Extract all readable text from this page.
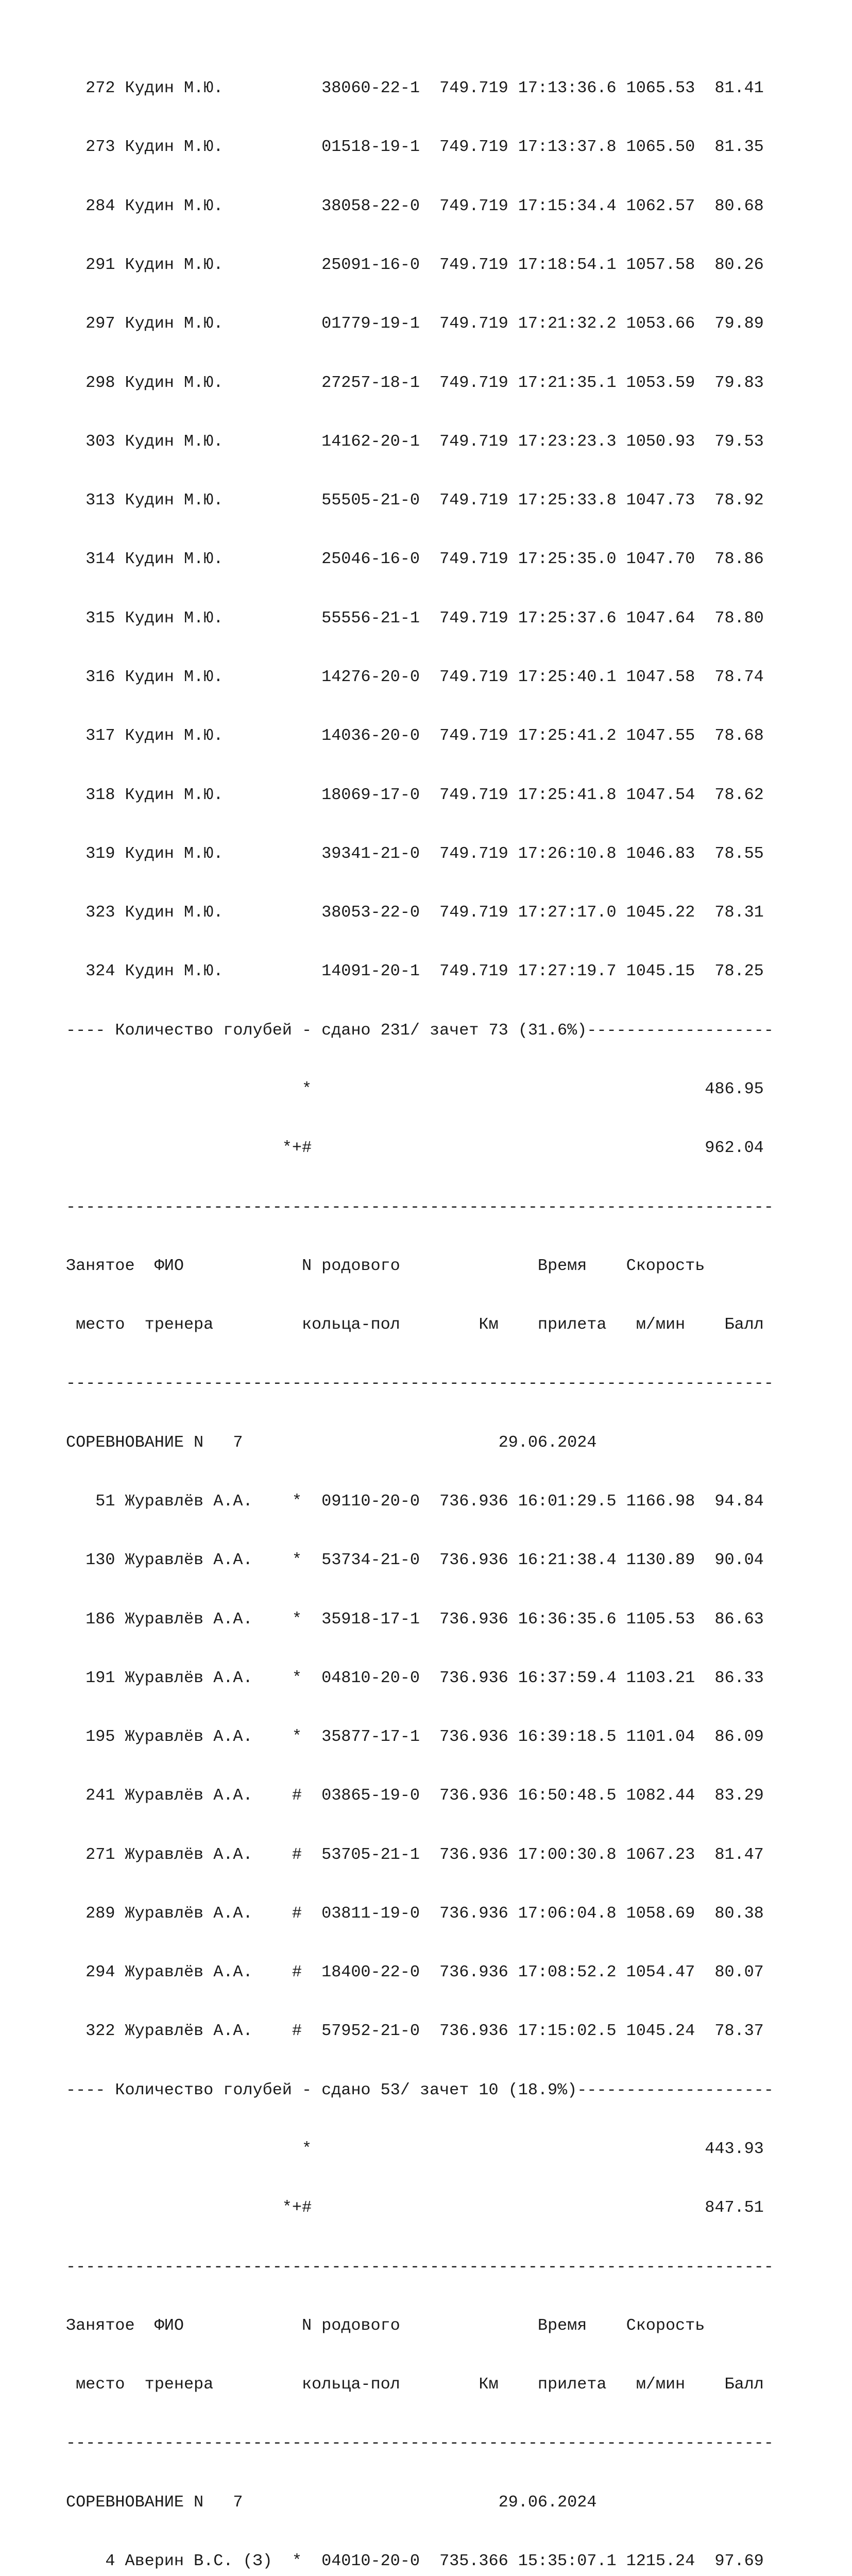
272 Кудин М.Ю.          38060-22-1  749.719 17:13:36.6 1065.53  81.41

273 Кудин М.Ю.          01518-19-1  749.719 17:13:37.8 1065.50  81.35

284 Кудин М.Ю.          38058-22-0  749.719 17:15:34.4 1062.57  80.68

291 Кудин М.Ю.          25091-16-0  749.719 17:18:54.1 1057.58  80.26

297 Кудин М.Ю.          01779-19-1  749.719 17:21:32.2 1053.66  79.89

298 Кудин М.Ю.          27257-18-1  749.719 17:21:35.1 1053.59  79.83

303 Кудин М.Ю.          14162-20-1  749.719 17:23:23.3 1050.93  79.53

313 Кудин М.Ю.          55505-21-0  749.719 17:25:33.8 1047.73  78.92

314 Кудин М.Ю.          25046-16-0  749.719 17:25:35.0 1047.70  78.86

315 Кудин М.Ю.          55556-21-1  749.719 17:25:37.6 1047.64  78.80

316 Кудин М.Ю.          14276-20-0  749.719 17:25:40.1 1047.58  78.74

317 Кудин М.Ю.          14036-20-0  749.719 17:25:41.2 1047.55  78.68

318 Кудин М.Ю.          18069-17-0  749.719 17:25:41.8 1047.54  78.62

319 Кудин М.Ю.          39341-21-0  749.719 17:26:10.8 1046.83  78.55

323 Кудин М.Ю.          38053-22-0  749.719 17:27:17.0 1045.22  78.31

324 Кудин М.Ю.          14091-20-1  749.719 17:27:19.7 1045.15  78.25

---- Количество голубей - сдано 231/ зачет 73 (31.6%)-------------------

*                                        486.95

*+#                                        962.04

------------------------------------------------------------------------

Занятое  ФИО            N родового              Время    Скорость

место  тренера         кольца-пол        Км    прилета   м/мин    Балл

------------------------------------------------------------------------

СОРЕВНОВАНИЕ N   7                          29.06.2024

51 Журавлёв А.А.    *  09110-20-0  736.936 16:01:29.5 1166.98  94.84

130 Журавлёв А.А.    *  53734-21-0  736.936 16:21:38.4 1130.89  90.04

186 Журавлёв А.А.    *  35918-17-1  736.936 16:36:35.6 1105.53  86.63

191 Журавлёв А.А.    *  04810-20-0  736.936 16:37:59.4 1103.21  86.33

195 Журавлёв А.А.    *  35877-17-1  736.936 16:39:18.5 1101.04  86.09

241 Журавлёв А.А.    #  03865-19-0  736.936 16:50:48.5 1082.44  83.29

271 Журавлёв А.А.    #  53705-21-1  736.936 17:00:30.8 1067.23  81.47

289 Журавлёв А.А.    #  03811-19-0  736.936 17:06:04.8 1058.69  80.38

294 Журавлёв А.А.    #  18400-22-0  736.936 17:08:52.2 1054.47  80.07

322 Журавлёв А.А.    #  57952-21-0  736.936 17:15:02.5 1045.24  78.37

---- Количество голубей - сдано 53/ зачет 10 (18.9%)--------------------

*                                        443.93

*+#                                        847.51

------------------------------------------------------------------------

Занятое  ФИО            N родового              Время    Скорость

место  тренера         кольца-пол        Км    прилета   м/мин    Балл

------------------------------------------------------------------------

СОРЕВНОВАНИЕ N   7                          29.06.2024

4 Аверин В.С. (З)  *  04010-20-0  735.366 15:35:07.1 1215.24  97.69
